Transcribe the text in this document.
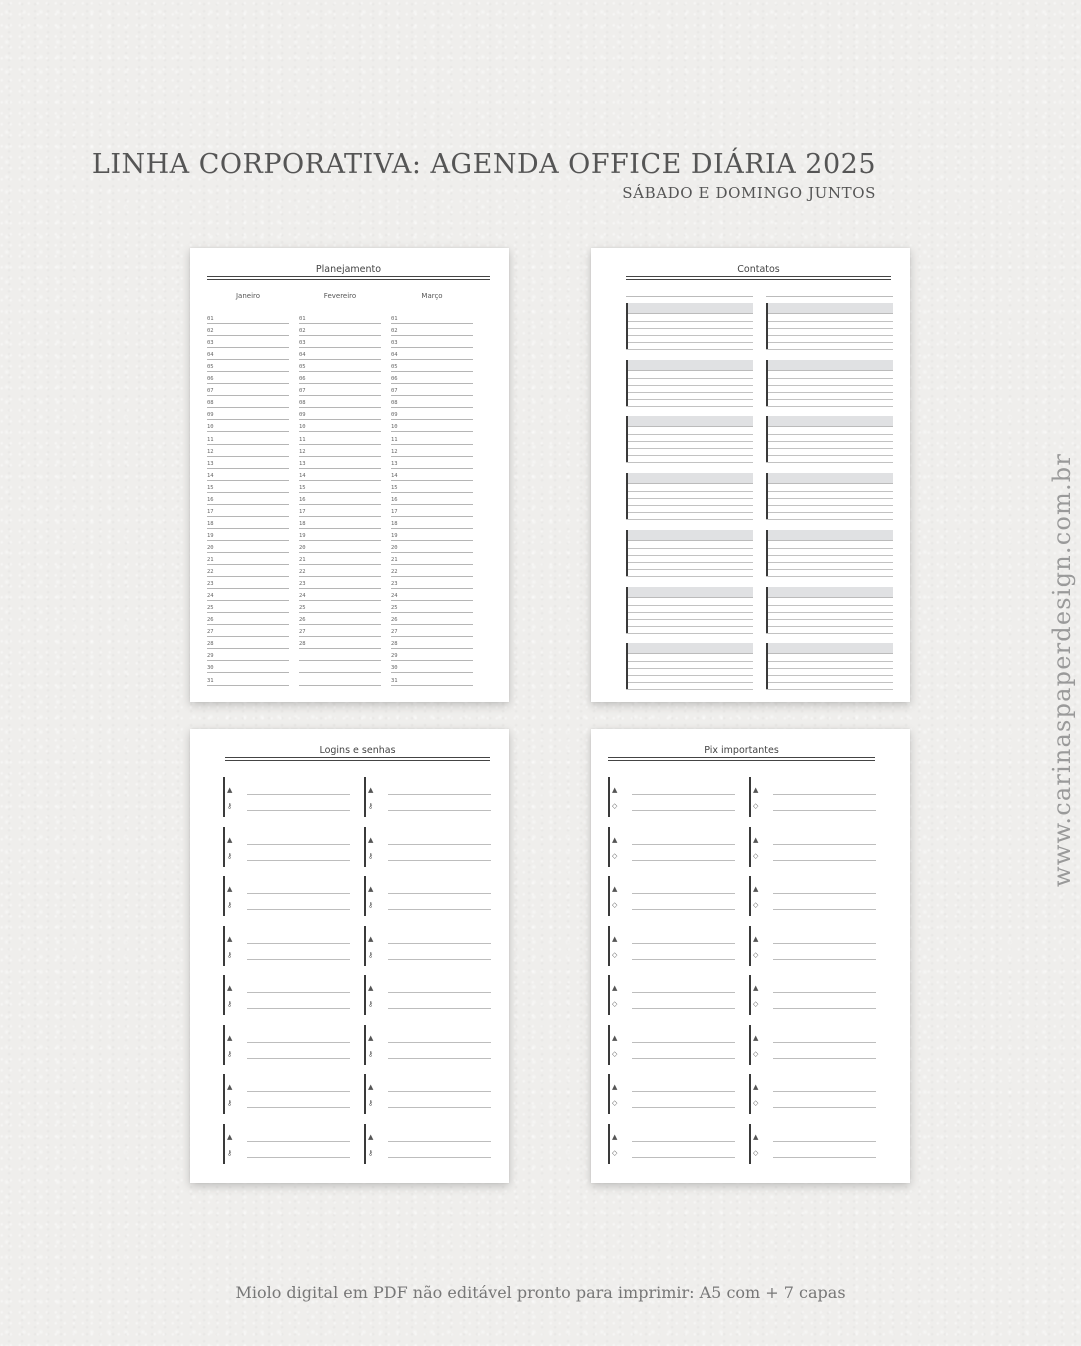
LINHA CORPORATIVA: AGENDA OFFICE DIÁRIA 2025
SÁBADO E DOMINGO JUNTOS
www.carinaspaperdesign.com.br
Planejamento
Janeiro
01
02
03
04
05
06
07
08
09
10
11
12
13
14
15
16
17
18
19
20
21
22
23
24
25
26
27
28
29
30
31
Fevereiro
01
02
03
04
05
06
07
08
09
10
11
12
13
14
15
16
17
18
19
20
21
22
23
24
25
26
27
28
Março
01
02
03
04
05
06
07
08
09
10
11
12
13
14
15
16
17
18
19
20
21
22
23
24
25
26
27
28
29
30
31
Contatos
Logins e senhas
▲
⚷
▲
⚷
▲
⚷
▲
⚷
▲
⚷
▲
⚷
▲
⚷
▲
⚷
▲
⚷
▲
⚷
▲
⚷
▲
⚷
▲
⚷
▲
⚷
▲
⚷
▲
⚷
Pix importantes
▲
◇
▲
◇
▲
◇
▲
◇
▲
◇
▲
◇
▲
◇
▲
◇
▲
◇
▲
◇
▲
◇
▲
◇
▲
◇
▲
◇
▲
◇
▲
◇
Miolo digital em PDF não editável pronto para imprimir: A5 com + 7 capas
